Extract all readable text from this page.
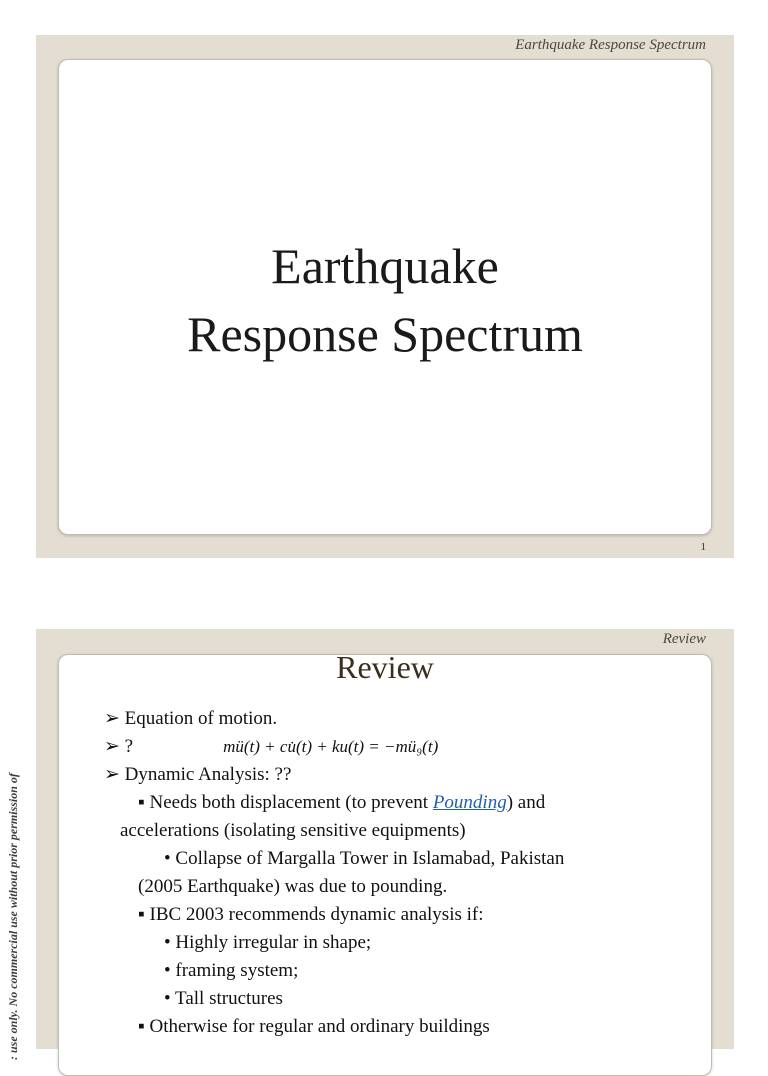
Earthquake Response Spectrum
Earthquake
Response Spectrum
1
: use only. No commercial use without prior permission of
Review
Review
➢ Equation of motion.
➢ ?	mü(t) + cu̇(t) + ku(t) = −mü₉(t)
➢ Dynamic Analysis: ??
▪ Needs both displacement (to prevent Pounding) and
accelerations (isolating sensitive equipments)
• Collapse of Margalla Tower in Islamabad, Pakistan
(2005 Earthquake) was due to pounding.
▪ IBC 2003 recommends dynamic analysis if:
• Highly irregular in shape;
• framing system;
• Tall structures
▪ Otherwise for regular and ordinary buildings
